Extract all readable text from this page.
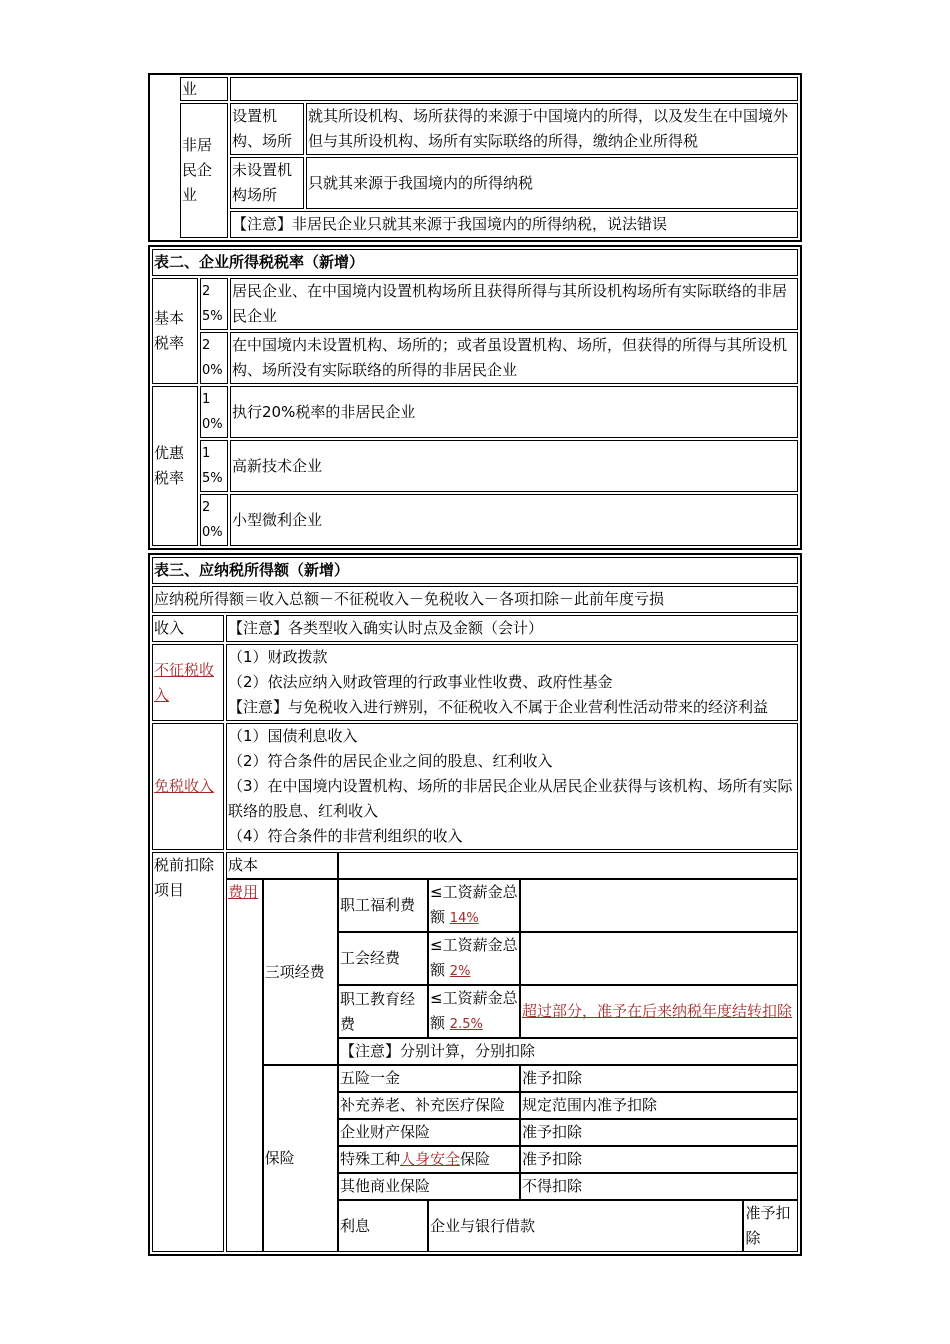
	业		
	非居民企业	设置机构、场所	就其所设机构、场所获得的来源于中国境内的所得，以及发生在中国境外但与其所设机构、场所有实际联络的所得，缴纳企业所得税
		未设置机构场所	只就其来源于我国境内的所得纳税
		【注意】非居民企业只就其来源于我国境内的所得纳税，说法错误	
表二、企业所得税税率（新增）		
基本税率	25%	居民企业、在中国境内设置机构场所且获得所得与其所设机构场所有实际联络的非居民企业
	20%	在中国境内未设置机构、场所的；或者虽设置机构、场所，但获得的所得与其所设机构、场所没有实际联络的所得的非居民企业
优惠税率	10%	执行20%税率的非居民企业
	15%	高新技术企业
	20%	小型微利企业
表三、应纳税所得额（新增）
应纳税所得额＝收入总额－不征税收入－免税收入－各项扣除－此前年度亏损
收入	【注意】各类型收入确实认时点及金额（会计）
不征税收入	
（1）财政拨款
（2）依法应纳入财政管理的行政事业性收费、政府性基金
【注意】与免税收入进行辨别，不征税收入不属于企业营利性活动带来的经济利益

免税收入	
（1）国债利息收入
（2）符合条件的居民企业之间的股息、红利收入
（3）在中国境内设置机构、场所的非居民企业从居民企业获得与该机构、场所有实际联络的股息、红利收入
（4）符合条件的非营利组织的收入

税前扣除项目	
成本	
费用	三项经费	职工福利费	≤工资薪金总额 14%	
工会经费	≤工资薪金总额 2%	
职工教育经费	≤工资薪金总额 2.5%	超过部分，准予在后来纳税年度结转扣除
【注意】分别计算，分别扣除
保险	五险一金	准予扣除
补充养老、补充医疗保险	规定范围内准予扣除
企业财产保险	准予扣除
特殊工种人身安全保险	准予扣除
其他商业保险	不得扣除
利息	企业与银行借款	准予扣除
